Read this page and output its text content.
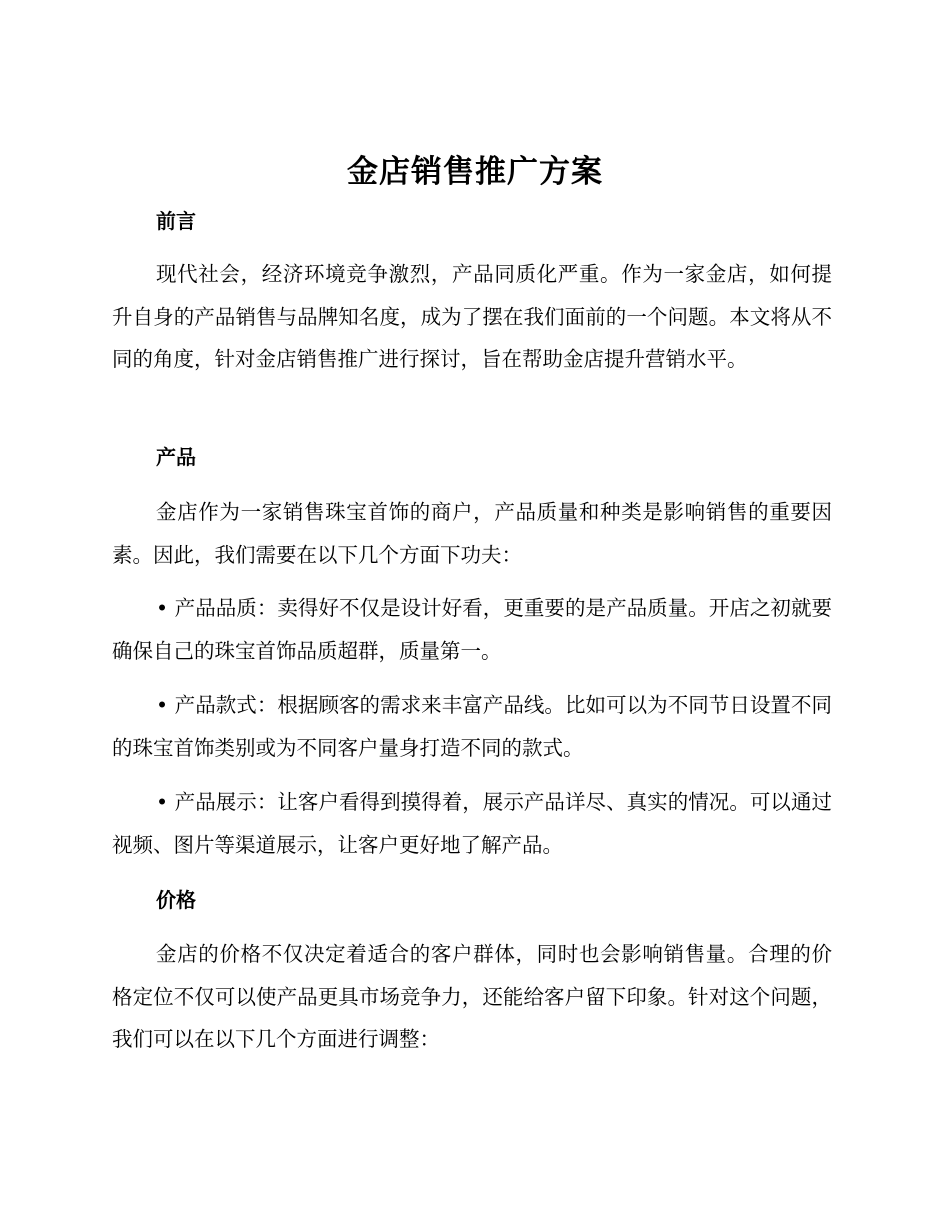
金店销售推广方案
前言

现代社会，经济环境竞争激烈，产品同质化严重。作为一家金店，如何提升自身的产品销售与品牌知名度，成为了摆在我们面前的一个问题。本文将从不同的角度，针对金店销售推广进行探讨，旨在帮助金店提升营销水平。

产品

金店作为一家销售珠宝首饰的商户，产品质量和种类是影响销售的重要因素。因此，我们需要在以下几个方面下功夫：

• 产品品质：卖得好不仅是设计好看，更重要的是产品质量。开店之初就要确保自己的珠宝首饰品质超群，质量第一。

• 产品款式：根据顾客的需求来丰富产品线。比如可以为不同节日设置不同的珠宝首饰类别或为不同客户量身打造不同的款式。

• 产品展示：让客户看得到摸得着，展示产品详尽、真实的情况。可以通过视频、图片等渠道展示，让客户更好地了解产品。

价格

金店的价格不仅决定着适合的客户群体，同时也会影响销售量。合理的价格定位不仅可以使产品更具市场竞争力，还能给客户留下印象。针对这个问题，我们可以在以下几个方面进行调整：
